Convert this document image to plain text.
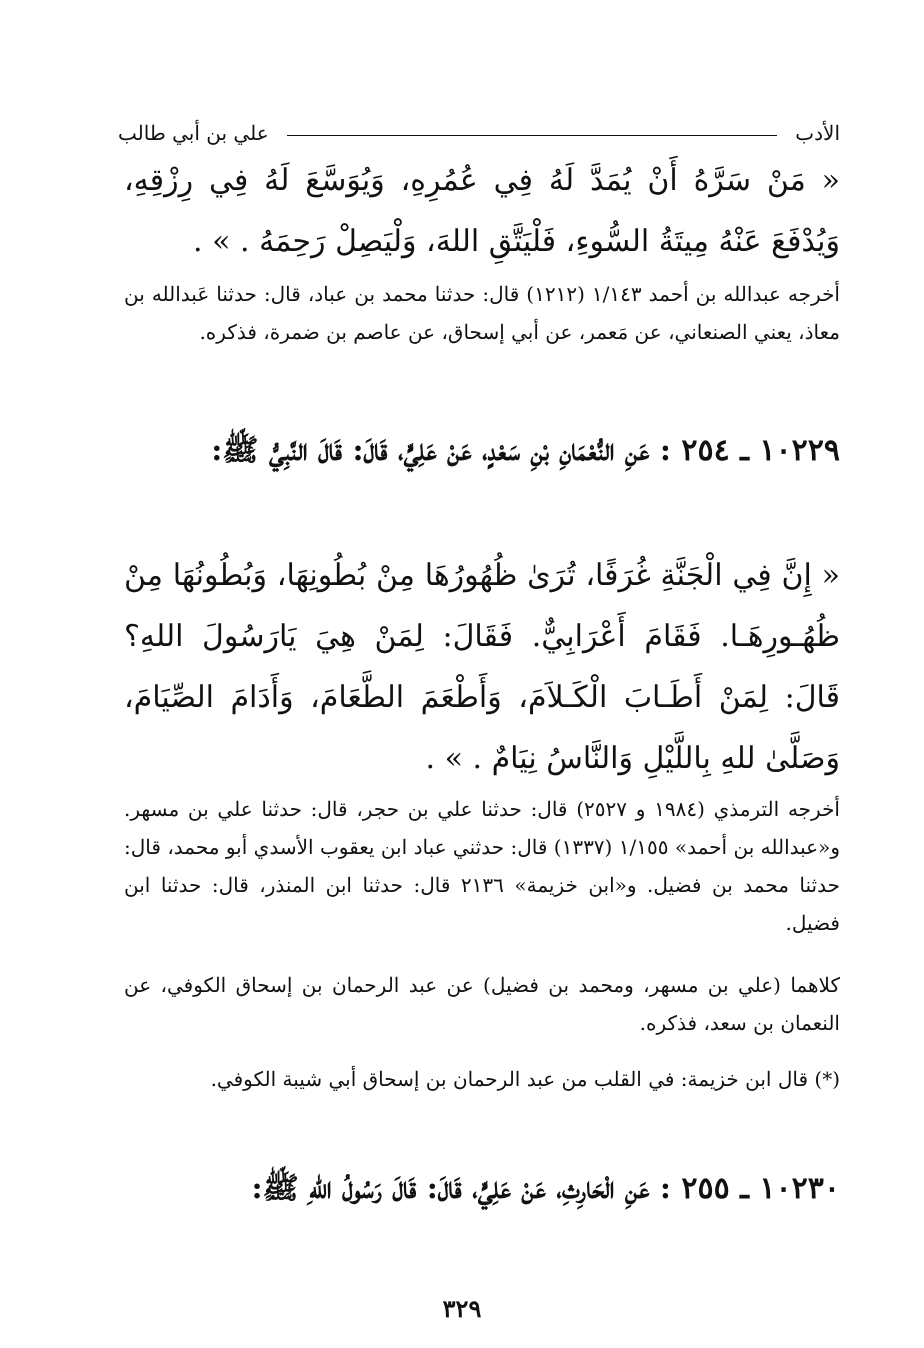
الأدب
علي بن أبي طالب
« مَنْ سَرَّهُ أَنْ يُمَدَّ لَهُ فِي عُمُرِهِ، وَيُوَسَّعَ لَهُ فِي رِزْقِهِ، وَيُدْفَعَ عَنْهُ مِيتَةُ السُّوءِ، فَلْيَتَّقِ اللهَ، وَلْيَصِلْ رَحِمَهُ . » .
أخرجه عبدالله بن أحمد ١/١٤٣ (١٢١٢) قال: حدثنا محمد بن عباد، قال: حدثنا عَبدالله بن معاذ، يعني الصنعاني، عن مَعمر، عن أبي إسحاق، عن عاصم بن ضمرة، فذكره.
١٠٢٢٩ ـ ٢٥٤ : عَنِ النُّعْمَانِ بْنِ سَعْدٍ، عَنْ عَلِيٍّ، قَالَ: قَالَ النَّبِيُّ ﷺ:
« إِنَّ فِي الْجَنَّةِ غُرَفًا، تُرَىٰ ظُهُورُهَا مِنْ بُطُونِهَا، وَبُطُونُهَا مِنْ ظُهُـورِهَـا. فَقَامَ أَعْرَابِيٌّ. فَقَالَ: لِمَنْ هِيَ يَارَسُولَ اللهِ؟ قَالَ: لِمَنْ أَطَـابَ الْكَـلاَمَ، وَأَطْعَمَ الطَّعَامَ، وَأَدَامَ الصِّيَامَ، وَصَلَّىٰ للهِ بِاللَّيْلِ وَالنَّاسُ نِيَامٌ . » .
أخرجه الترمذي (١٩٨٤ و ٢٥٢٧) قال: حدثنا علي بن حجر، قال: حدثنا علي بن مسهر. و«عبدالله بن أحمد» ١/١٥٥ (١٣٣٧) قال: حدثني عباد ابن يعقوب الأسدي أبو محمد، قال: حدثنا محمد بن فضيل. و«ابن خزيمة» ٢١٣٦ قال: حدثنا ابن المنذر، قال: حدثنا ابن فضيل.
كلاهما (علي بن مسهر، ومحمد بن فضيل) عن عبد الرحمان بن إسحاق الكوفي، عن النعمان بن سعد، فذكره.
(*) قال ابن خزيمة: في القلب من عبد الرحمان بن إسحاق أبي شيبة الكوفي.
١٠٢٣٠ ـ ٢٥٥ : عَنِ الْحَارِثِ، عَنْ عَلِيٍّ، قَالَ: قَالَ رَسُولُ اللهِ ﷺ:
٣٢٩
